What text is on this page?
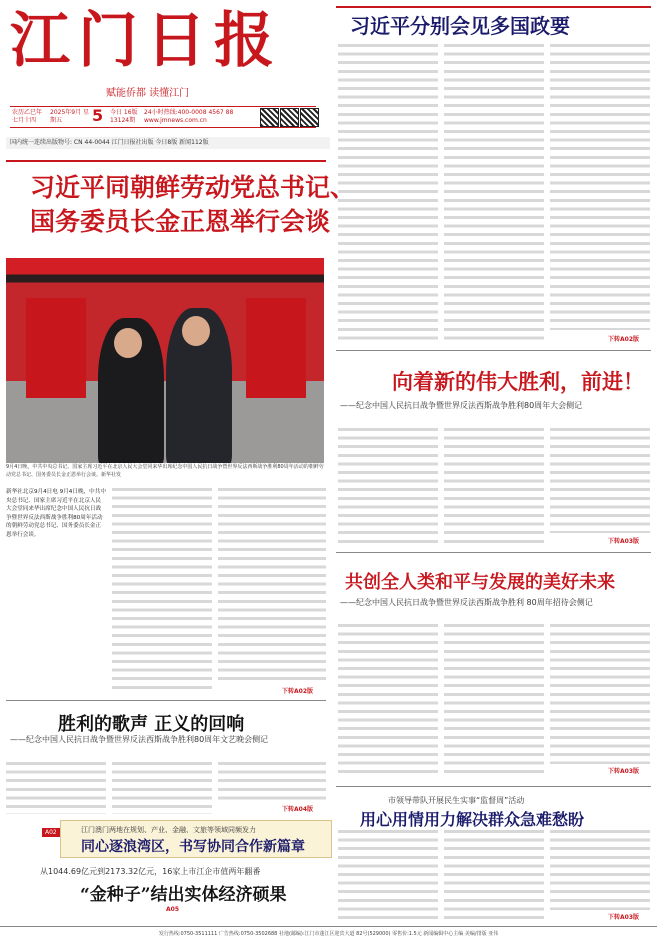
江门日报
赋能侨都 读懂江门
农历乙巳年 七月十四
2025年9月 星期五	5 今日 16版 13124期
24小时热线:400-0008 4567 88
www.jmnews.com.cn
国内统一连续出版物号: CN 44-0044 江门日报社出版 今日8版 新闻112版
习近平分别会见多国政要
下转A02版
习近平同朝鲜劳动党总书记、
国务委员长金正恩举行会谈
9月4日晚，中共中央总书记、国家主席习近平在北京人民大会堂同来华出席纪念中国人民抗日战争暨世界反法西斯战争胜利80周年活动的朝鲜劳动党总书记、国务委员长金正恩举行会谈。新华社发
新华社北京9月4日电 9月4日晚，中共中央总书记、国家主席习近平在北京人民大会堂同来华出席纪念中国人民抗日战争暨世界反法西斯战争胜利80周年活动的朝鲜劳动党总书记、国务委员长金正恩举行会谈。
下转A02版
向着新的伟大胜利，前进！
——纪念中国人民抗日战争暨世界反法西斯战争胜利80周年大会侧记
下转A03版
共创全人类和平与发展的美好未来
——纪念中国人民抗日战争暨世界反法西斯战争胜利 80周年招待会侧记
下转A03版
胜利的歌声 正义的回响
——纪念中国人民抗日战争暨世界反法西斯战争胜利80周年文艺晚会侧记
下转A04版
江门澳门两地在规划、产业、金融、文旅等领域同频发力
同心逐浪湾区，书写协同合作新篇章
A02
从1044.69亿元到2173.32亿元，16家上市江企市值两年翻番
“金种子”结出实体经济硕果
A05
市领导带队开展民生实事“监督周”活动
用心用情用力解决群众急难愁盼
下转A03版
发行热线:0750-3511111 广告热线:0750-3502688 社地(邮编):江门市蓬江区迎宾大道 82号(529000) 零售价:1.5元 新闻编辑中心主编 美编/排版 亚伟
